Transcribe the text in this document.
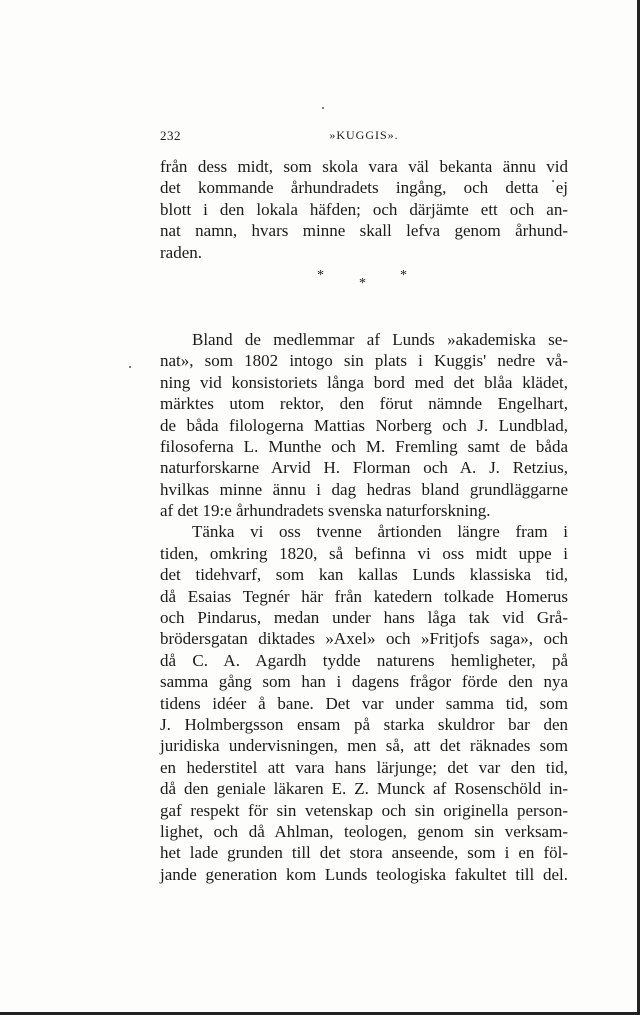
232	»KUGGIS».
från dess midt, som skola vara väl bekanta ännu vid
det kommande århundradets ingång, och detta ej
blott i den lokala häfden; och därjämte ett och an-
nat namn, hvars minne skall lefva genom århund-
raden.
*	*
*
Bland de medlemmar af Lunds »akademiska se-
nat», som 1802 intogo sin plats i Kuggis' nedre vå-
ning vid konsistoriets långa bord med det blåa klädet,
märktes utom rektor, den förut nämnde Engelhart,
de båda filologerna Mattias Norberg och J. Lundblad,
filosoferna L. Munthe och M. Fremling samt de båda
naturforskarne Arvid H. Florman och A. J. Retzius,
hvilkas minne ännu i dag hedras bland grundläggarne
af det 19:e århundradets svenska naturforskning.
Tänka vi oss tvenne årtionden längre fram i
tiden, omkring 1820, så befinna vi oss midt uppe i
det tidehvarf, som kan kallas Lunds klassiska tid,
då Esaias Tegnér här från katedern tolkade Homerus
och Pindarus, medan under hans låga tak vid Grå-
brödersgatan diktades »Axel» och »Fritjofs saga», och
då C. A. Agardh tydde naturens hemligheter, på
samma gång som han i dagens frågor förde den nya
tidens idéer å bane. Det var under samma tid, som
J. Holmbergsson ensam på starka skuldror bar den
juridiska undervisningen, men så, att det räknades som
en hederstitel att vara hans lärjunge; det var den tid,
då den geniale läkaren E. Z. Munck af Rosenschöld in-
gaf respekt för sin vetenskap och sin originella person-
lighet, och då Ahlman, teologen, genom sin verksam-
het lade grunden till det stora anseende, som i en föl-
jande generation kom Lunds teologiska fakultet till del.
